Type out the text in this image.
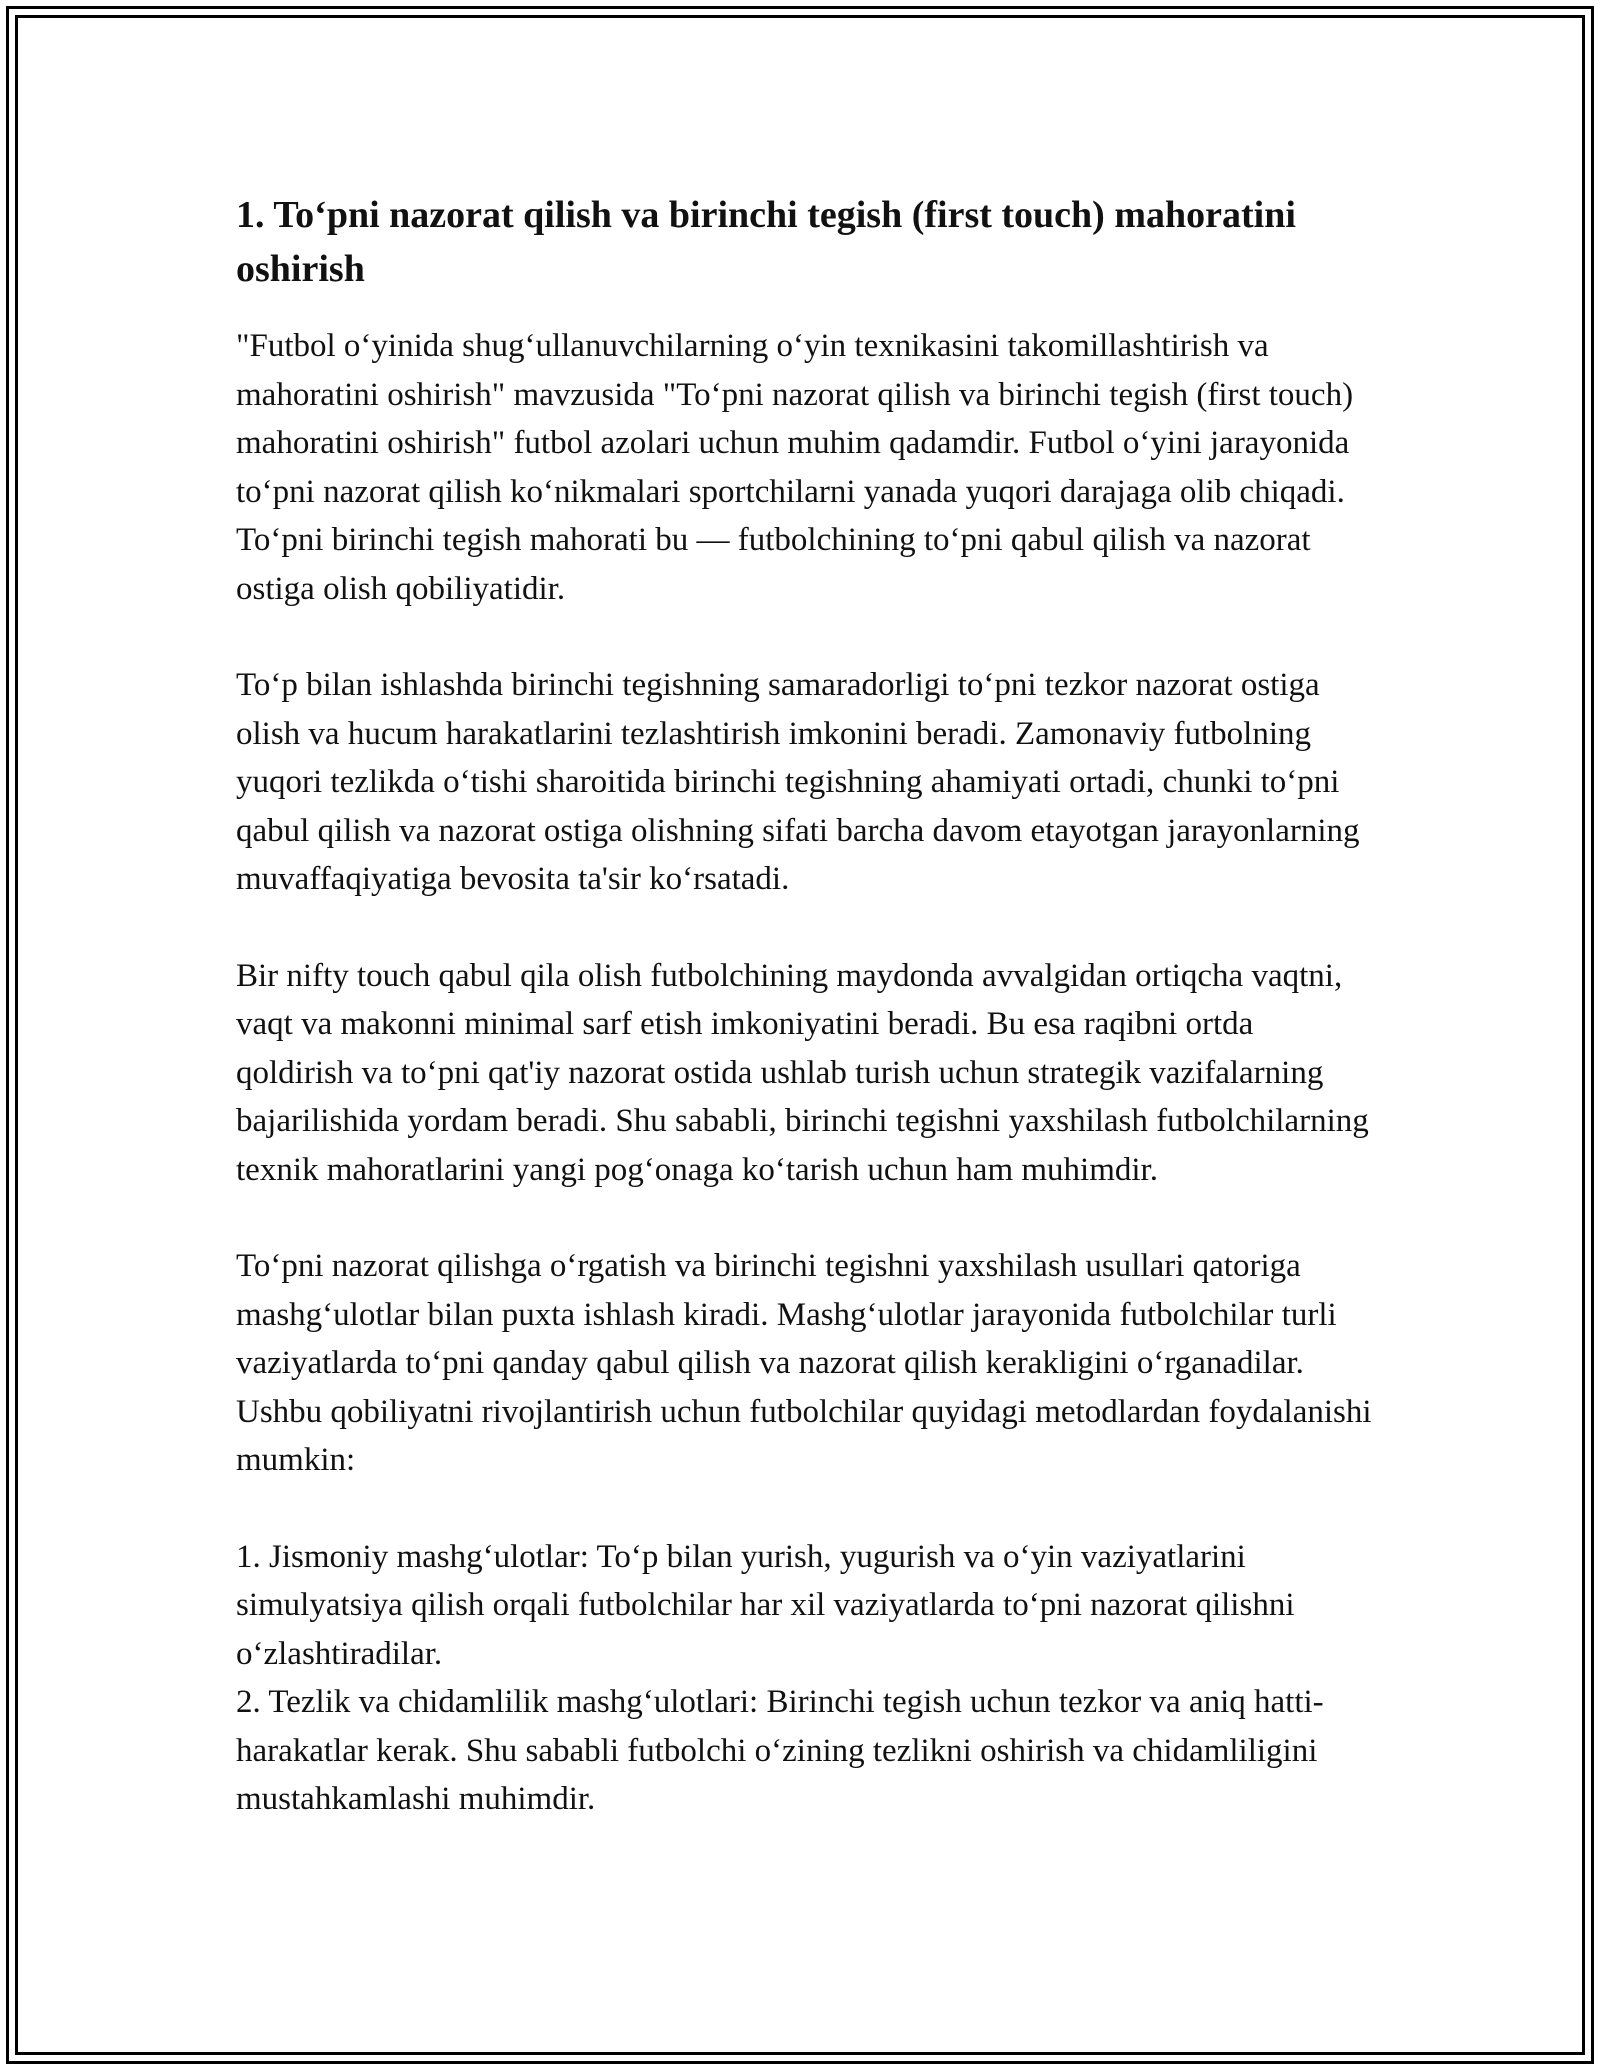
1. To‘pni nazorat qilish va birinchi tegish (first touch) mahoratini oshirish

"Futbol o‘yinida shug‘ullanuvchilarning o‘yin texnikasini takomillashtirish va mahoratini oshirish" mavzusida "To‘pni nazorat qilish va birinchi tegish (first touch) mahoratini oshirish" futbol azolari uchun muhim qadamdir. Futbol o‘yini jarayonida to‘pni nazorat qilish ko‘nikmalari sportchilarni yanada yuqori darajaga olib chiqadi. To‘pni birinchi tegish mahorati bu — futbolchining to‘pni qabul qilish va nazorat ostiga olish qobiliyatidir.

To‘p bilan ishlashda birinchi tegishning samaradorligi to‘pni tezkor nazorat ostiga olish va hucum harakatlarini tezlashtirish imkonini beradi. Zamonaviy futbolning yuqori tezlikda o‘tishi sharoitida birinchi tegishning ahamiyati ortadi, chunki to‘pni qabul qilish va nazorat ostiga olishning sifati barcha davom etayotgan jarayonlarning muvaffaqiyatiga bevosita ta'sir ko‘rsatadi.

Bir nifty touch qabul qila olish futbolchining maydonda avvalgidan ortiqcha vaqtni, vaqt va makonni minimal sarf etish imkoniyatini beradi. Bu esa raqibni ortda qoldirish va to‘pni qat'iy nazorat ostida ushlab turish uchun strategik vazifalarning bajarilishida yordam beradi. Shu sababli, birinchi tegishni yaxshilash futbolchilarning texnik mahoratlarini yangi pog‘onaga ko‘tarish uchun ham muhimdir.

To‘pni nazorat qilishga o‘rgatish va birinchi tegishni yaxshilash usullari qatoriga mashg‘ulotlar bilan puxta ishlash kiradi. Mashg‘ulotlar jarayonida futbolchilar turli vaziyatlarda to‘pni qanday qabul qilish va nazorat qilish kerakligini o‘rganadilar. Ushbu qobiliyatni rivojlantirish uchun futbolchilar quyidagi metodlardan foydalanishi mumkin:

1. Jismoniy mashg‘ulotlar: To‘p bilan yurish, yugurish va o‘yin vaziyatlarini simulyatsiya qilish orqali futbolchilar har xil vaziyatlarda to‘pni nazorat qilishni o‘zlashtiradilar.
2. Tezlik va chidamlilik mashg‘ulotlari: Birinchi tegish uchun tezkor va aniq hatti-harakatlar kerak. Shu sababli futbolchi o‘zining tezlikni oshirish va chidamliligini mustahkamlashi muhimdir.
